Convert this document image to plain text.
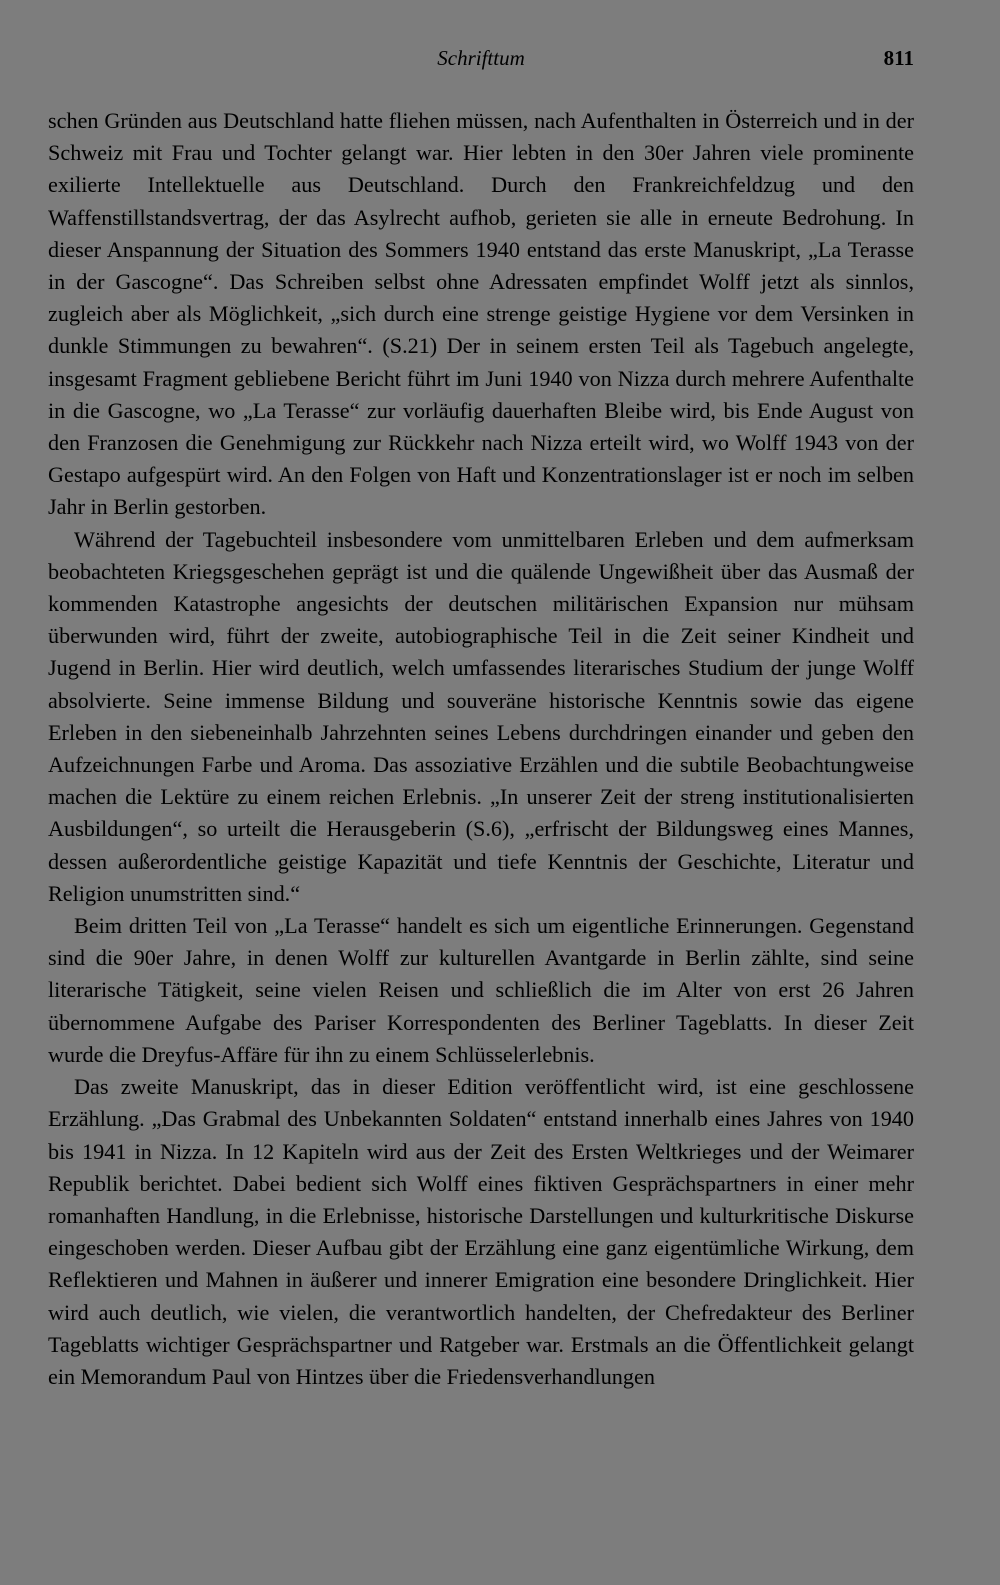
Schrifttum	811

schen Gründen aus Deutschland hatte fliehen müssen, nach Aufenthalten in Österreich und in der Schweiz mit Frau und Tochter gelangt war. Hier lebten in den 30er Jahren viele prominente exilierte Intellektuelle aus Deutschland. Durch den Frankreichfeldzug und den Waffenstillstandsvertrag, der das Asylrecht aufhob, gerieten sie alle in erneute Bedrohung. In dieser Anspannung der Situation des Sommers 1940 entstand das erste Manuskript, „La Terasse in der Gascogne“. Das Schreiben selbst ohne Adressaten empfindet Wolff jetzt als sinnlos, zugleich aber als Möglichkeit, „sich durch eine strenge geistige Hygiene vor dem Versinken in dunkle Stimmungen zu bewahren“. (S.21) Der in seinem ersten Teil als Tagebuch angelegte, insgesamt Fragment gebliebene Bericht führt im Juni 1940 von Nizza durch mehrere Aufenthalte in die Gascogne, wo „La Terasse“ zur vorläufig dauerhaften Bleibe wird, bis Ende August von den Franzosen die Genehmigung zur Rückkehr nach Nizza erteilt wird, wo Wolff 1943 von der Gestapo aufgespürt wird. An den Folgen von Haft und Konzentrationslager ist er noch im selben Jahr in Berlin gestorben.

Während der Tagebuchteil insbesondere vom unmittelbaren Erleben und dem aufmerksam beobachteten Kriegsgeschehen geprägt ist und die quälende Ungewißheit über das Ausmaß der kommenden Katastrophe angesichts der deutschen militärischen Expansion nur mühsam überwunden wird, führt der zweite, autobiographische Teil in die Zeit seiner Kindheit und Jugend in Berlin. Hier wird deutlich, welch umfassendes literarisches Studium der junge Wolff absolvierte. Seine immense Bildung und souveräne historische Kenntnis sowie das eigene Erleben in den siebeneinhalb Jahrzehnten seines Lebens durchdringen einander und geben den Aufzeichnungen Farbe und Aroma. Das assoziative Erzählen und die subtile Beobachtungweise machen die Lektüre zu einem reichen Erlebnis. „In unserer Zeit der streng institutionalisierten Ausbildungen“, so urteilt die Herausgeberin (S.6), „erfrischt der Bildungsweg eines Mannes, dessen außerordentliche geistige Kapazität und tiefe Kenntnis der Geschichte, Literatur und Religion unumstritten sind.“

Beim dritten Teil von „La Terasse“ handelt es sich um eigentliche Erinnerungen. Gegenstand sind die 90er Jahre, in denen Wolff zur kulturellen Avantgarde in Berlin zählte, sind seine literarische Tätigkeit, seine vielen Reisen und schließlich die im Alter von erst 26 Jahren übernommene Aufgabe des Pariser Korrespondenten des Berliner Tageblatts. In dieser Zeit wurde die Dreyfus-Affäre für ihn zu einem Schlüsselerlebnis.

Das zweite Manuskript, das in dieser Edition veröffentlicht wird, ist eine geschlossene Erzählung. „Das Grabmal des Unbekannten Soldaten“ entstand innerhalb eines Jahres von 1940 bis 1941 in Nizza. In 12 Kapiteln wird aus der Zeit des Ersten Weltkrieges und der Weimarer Republik berichtet. Dabei bedient sich Wolff eines fiktiven Gesprächspartners in einer mehr romanhaften Handlung, in die Erlebnisse, historische Darstellungen und kulturkritische Diskurse eingeschoben werden. Dieser Aufbau gibt der Erzählung eine ganz eigentümliche Wirkung, dem Reflektieren und Mahnen in äußerer und innerer Emigration eine besondere Dringlichkeit. Hier wird auch deutlich, wie vielen, die verantwortlich handelten, der Chefredakteur des Berliner Tageblatts wichtiger Gesprächspartner und Ratgeber war. Erstmals an die Öffentlichkeit gelangt ein Memorandum Paul von Hintzes über die Friedensverhandlungen
